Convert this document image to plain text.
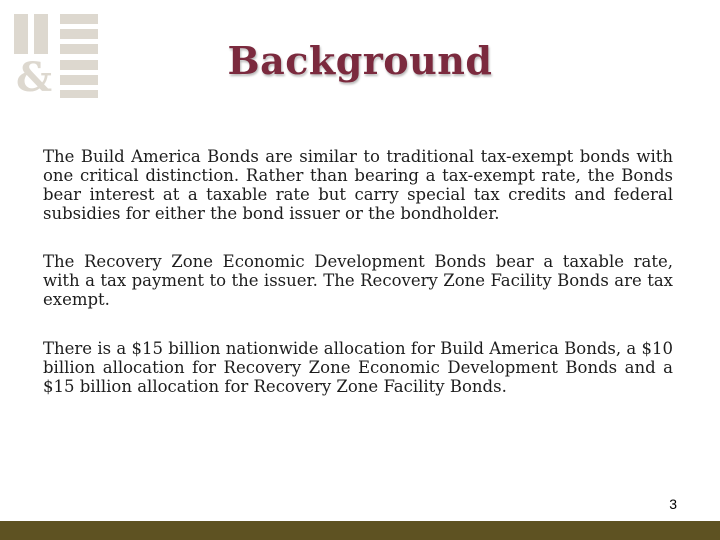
&	Background

The Build America Bonds are similar to traditional tax-exempt bonds with one critical distinction. Rather than bearing a tax-exempt rate, the Bonds bear interest at a taxable rate but carry special tax credits and federal subsidies for either the bond issuer or the bondholder.

The Recovery Zone Economic Development Bonds bear a taxable rate, with a tax payment to the issuer. The Recovery Zone Facility Bonds are tax exempt.

There is a $15 billion nationwide allocation for Build America Bonds, a $10 billion allocation for Recovery Zone Economic Development Bonds and a $15 billion allocation for Recovery Zone Facility Bonds.

3
